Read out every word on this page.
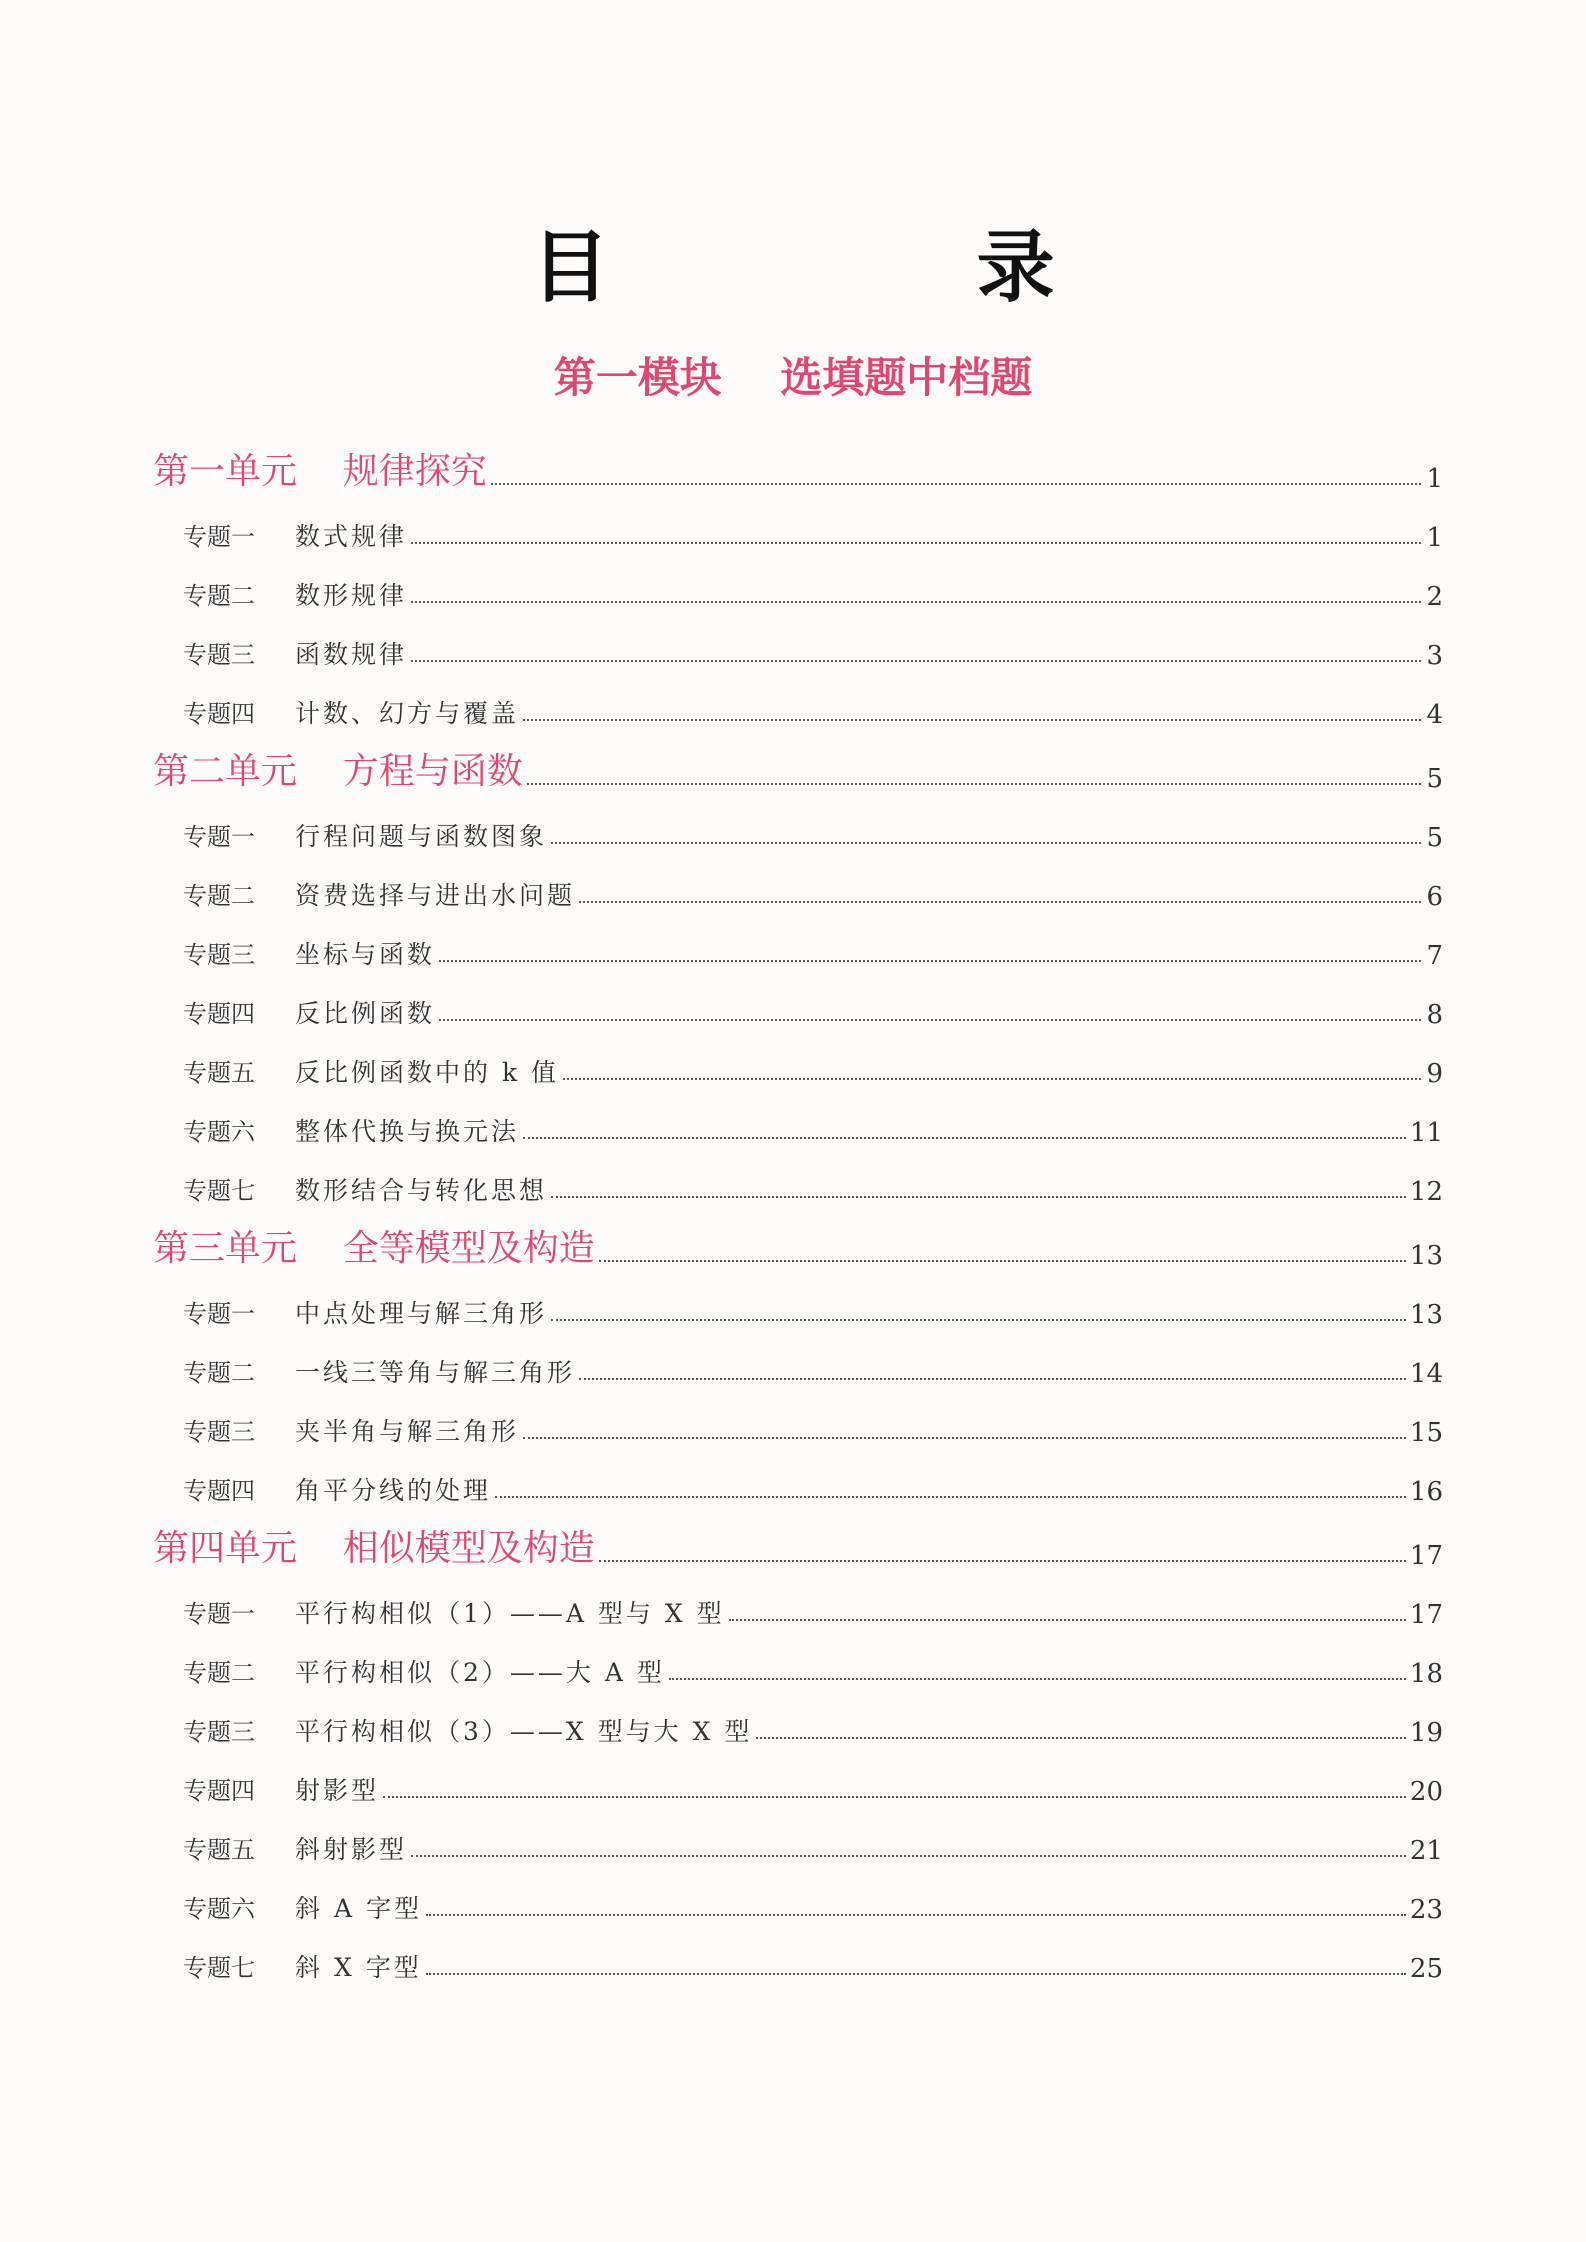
目 录
第一模块    选填题中档题
第一单元    规律探究	1
专题一 数式规律	1
专题二 数形规律	2
专题三 函数规律	3
专题四 计数、幻方与覆盖	4
第二单元    方程与函数	5
专题一 行程问题与函数图象	5
专题二 资费选择与进出水问题	6
专题三 坐标与函数	7
专题四 反比例函数	8
专题五 反比例函数中的 k 值	9
专题六 整体代换与换元法	11
专题七 数形结合与转化思想	12
第三单元    全等模型及构造	13
专题一 中点处理与解三角形	13
专题二 一线三等角与解三角形	14
专题三 夹半角与解三角形	15
专题四 角平分线的处理	16
第四单元    相似模型及构造	17
专题一 平行构相似（1）——A 型与 X 型	17
专题二 平行构相似（2）——大 A 型	18
专题三 平行构相似（3）——X 型与大 X 型	19
专题四 射影型	20
专题五 斜射影型	21
专题六 斜 A 字型	23
专题七 斜 X 字型	25
